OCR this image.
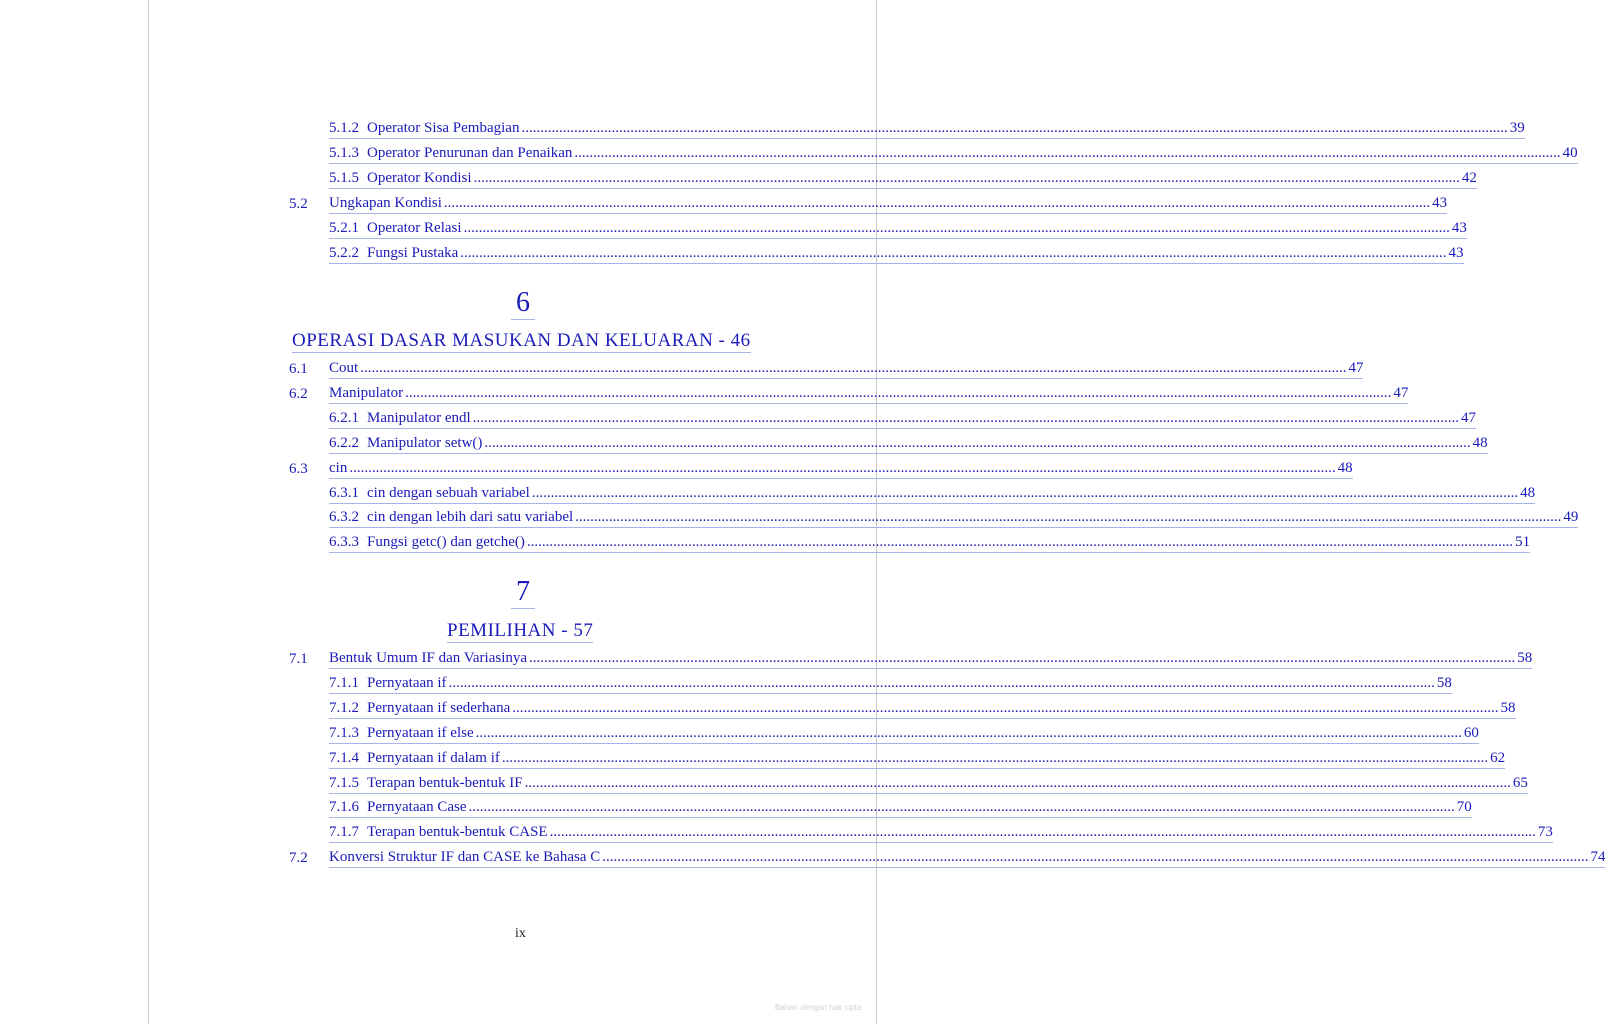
5.1.2 Operator Sisa Pembagian .....	39
5.1.3 Operator Penurunan dan Penaikan .....	40
5.1.5 Operator Kondisi .....	42
5.2	Ungkapan Kondisi .....	43
5.2.1 Operator Relasi .....	43
5.2.2 Fungsi Pustaka .....	43
6
OPERASI DASAR MASUKAN DAN KELUARAN - 46
6.1	Cout .....	47
6.2	Manipulator .....	47
6.2.1 Manipulator endl .....	47
6.2.2 Manipulator setw() .....	48
6.3	cin .....	48
6.3.1 cin dengan sebuah variabel .....	48
6.3.2 cin dengan lebih dari satu variabel .....	49
6.3.3 Fungsi getc() dan getche() .....	51
7
PEMILIHAN - 57
7.1	Bentuk Umum IF dan Variasinya .....	58
7.1.1 Pernyataan if .....	58
7.1.2 Pernyataan if sederhana .....	58
7.1.3 Pernyataan if else .....	60
7.1.4 Pernyataan if dalam if .....	62
7.1.5 Terapan bentuk-bentuk IF .....	65
7.1.6 Pernyataan Case .....	70
7.1.7 Terapan bentuk-bentuk CASE .....	73
7.2	Konversi Struktur IF dan CASE ke Bahasa C .....	74
ix
Bahan dengan hak cipta
